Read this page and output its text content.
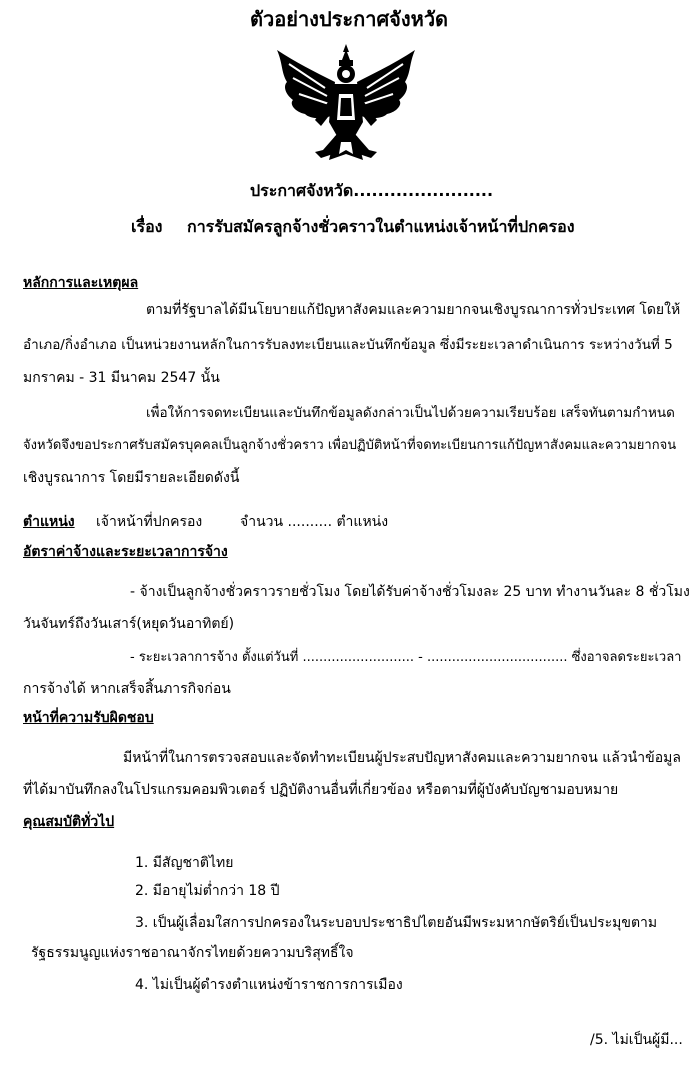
ตัวอย่างประกาศจังหวัด
ประกาศจังหวัด.......................
เรื่อง การรับสมัครลูกจ้างชั่วคราวในตำแหน่งเจ้าหน้าที่ปกครอง
หลักการและเหตุผล
ตามที่รัฐบาลได้มีนโยบายแก้ปัญหาสังคมและความยากจนเชิงบูรณาการทั่วประเทศ โดยให้
อำเภอ/กิ่งอำเภอ เป็นหน่วยงานหลักในการรับลงทะเบียนและบันทึกข้อมูล ซึ่งมีระยะเวลาดำเนินการ ระหว่างวันที่ 5
มกราคม - 31 มีนาคม 2547 นั้น
เพื่อให้การจดทะเบียนและบันทึกข้อมูลดังกล่าวเป็นไปด้วยความเรียบร้อย เสร็จทันตามกำหนด
จังหวัดจึงขอประกาศรับสมัครบุคคลเป็นลูกจ้างชั่วคราว เพื่อปฏิบัติหน้าที่จดทะเบียนการแก้ปัญหาสังคมและความยากจน
เชิงบูรณาการ โดยมีรายละเอียดดังนี้
ตำแหน่ง เจ้าหน้าที่ปกครอง	จำนวน .......... ตำแหน่ง
อัตราค่าจ้างและระยะเวลาการจ้าง
- จ้างเป็นลูกจ้างชั่วคราวรายชั่วโมง โดยได้รับค่าจ้างชั่วโมงละ 25 บาท ทำงานวันละ 8 ชั่วโมง
วันจันทร์ถึงวันเสาร์(หยุดวันอาทิตย์)
- ระยะเวลาการจ้าง ตั้งแต่วันที่ ........................... - .................................. ซึ่งอาจลดระยะเวลา
การจ้างได้ หากเสร็จสิ้นภารกิจก่อน
หน้าที่ความรับผิดชอบ
มีหน้าที่ในการตรวจสอบและจัดทำทะเบียนผู้ประสบปัญหาสังคมและความยากจน แล้วนำข้อมูล
ที่ได้มาบันทึกลงในโปรแกรมคอมพิวเตอร์ ปฏิบัติงานอื่นที่เกี่ยวข้อง หรือตามที่ผู้บังคับบัญชามอบหมาย
คุณสมบัติทั่วไป
1. มีสัญชาติไทย
2. มีอายุไม่ต่ำกว่า 18 ปี
3. เป็นผู้เลื่อมใสการปกครองในระบอบประชาธิปไตยอันมีพระมหากษัตริย์เป็นประมุขตาม
รัฐธรรมนูญแห่งราชอาณาจักรไทยด้วยความบริสุทธิ์ใจ
4. ไม่เป็นผู้ดำรงตำแหน่งข้าราชการการเมือง
/5. ไม่เป็นผู้มี...
